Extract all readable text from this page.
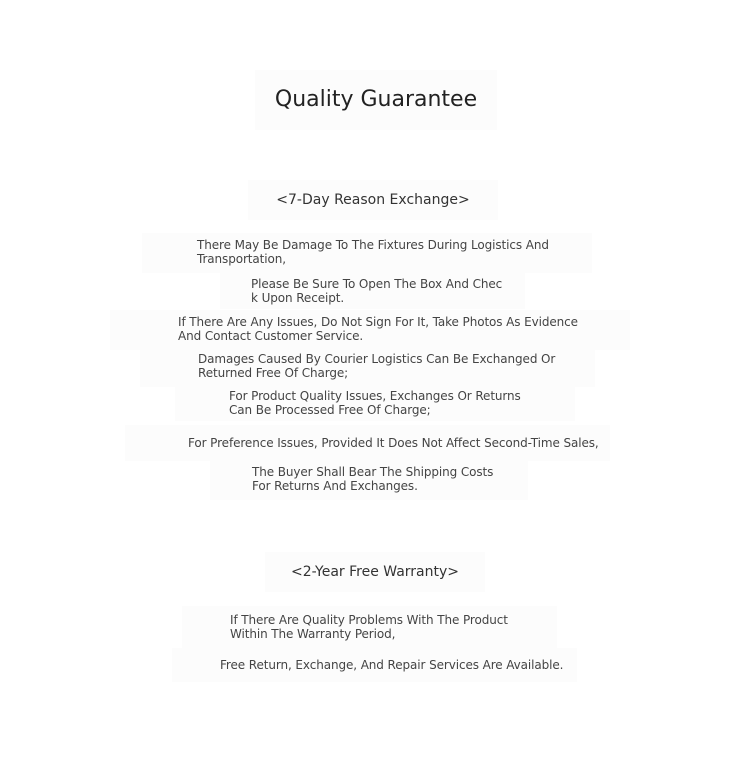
Quality Guarantee
<7-Day Reason Exchange>

There May Be Damage To The Fixtures During Logistics And
Transportation,

Please Be Sure To Open The Box And Chec
k Upon Receipt.

If There Are Any Issues, Do Not Sign For It, Take Photos As Evidence
And Contact Customer Service.

Damages Caused By Courier Logistics Can Be Exchanged Or
Returned Free Of Charge;

For Product Quality Issues, Exchanges Or Returns
Can Be Processed Free Of Charge;

For Preference Issues, Provided It Does Not Affect Second-Time Sales,

The Buyer Shall Bear The Shipping Costs
For Returns And Exchanges.

<2-Year Free Warranty>

If There Are Quality Problems With The Product
Within The Warranty Period,

Free Return, Exchange, And Repair Services Are Available.
